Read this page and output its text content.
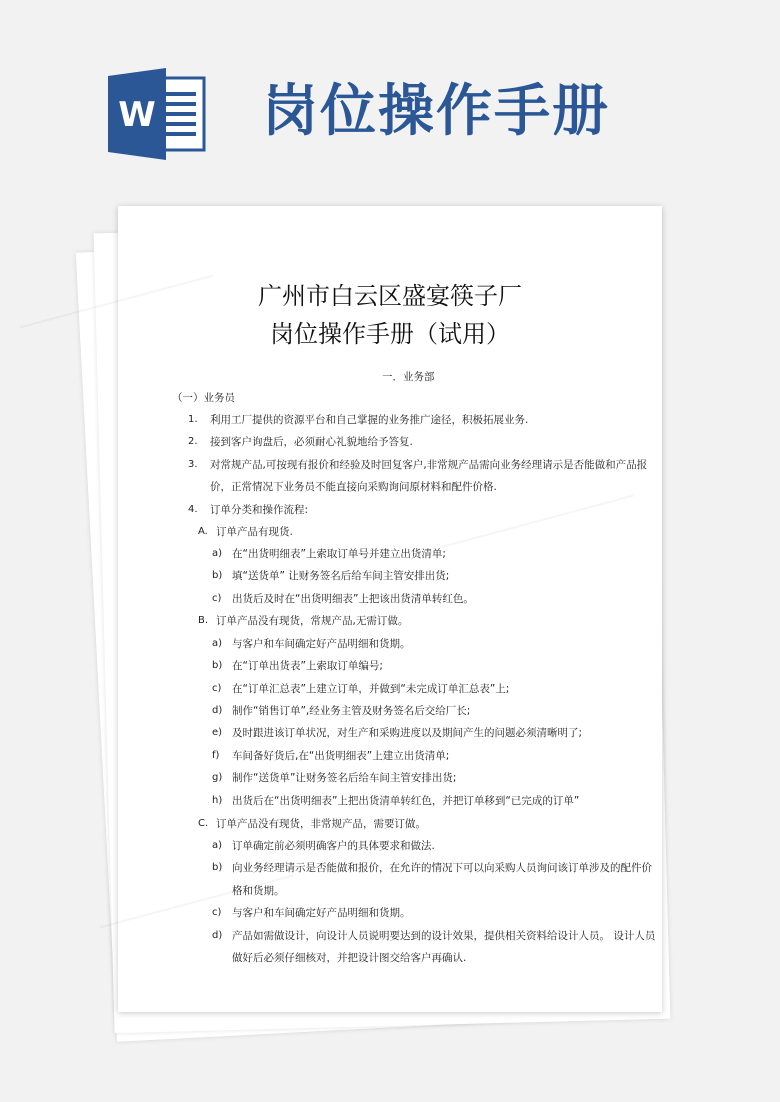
W 岗位操作手册
广州市白云区盛宴筷子厂
岗位操作手册（试用）
一．业务部
（一）业务员
1. 利用工厂提供的资源平台和自己掌握的业务推广途径，积极拓展业务.
2. 接到客户询盘后，必须耐心礼貌地给予答复.
3. 对常规产品,可按现有报价和经验及时回复客户,非常规产品需向业务经理请示是否能做和产品报
价，正常情况下业务员不能直接向采购询问原材料和配件价格.
4. 订单分类和操作流程:
A. 订单产品有现货.
a) 在“出货明细表”上索取订单号并建立出货清单;
b) 填“送货单” 让财务签名后给车间主管安排出货;
c) 出货后及时在“出货明细表”上把该出货清单转红色。
B. 订单产品没有现货，常规产品,无需订做。
a) 与客户和车间确定好产品明细和货期。
b) 在“订单出货表”上索取订单编号;
c) 在“订单汇总表”上建立订单，并做到“未完成订单汇总表”上;
d) 制作“销售订单”,经业务主管及财务签名后交给厂长;
e) 及时跟进该订单状况，对生产和采购进度以及期间产生的问题必须清晰明了;
f) 车间备好货后,在“出货明细表”上建立出货清单;
g) 制作“送货单”让财务签名后给车间主管安排出货;
h) 出货后在“出货明细表”上把出货清单转红色，并把订单移到“已完成的订单”
C. 订单产品没有现货，非常规产品，需要订做。
a) 订单确定前必须明确客户的具体要求和做法.
b) 向业务经理请示是否能做和报价，在允许的情况下可以向采购人员询问该订单涉及的配件价
格和货期。
c) 与客户和车间确定好产品明细和货期。
d) 产品如需做设计，向设计人员说明要达到的设计效果，提供相关资料给设计人员。 设计人员
做好后必须仔细核对，并把设计图交给客户再确认.
